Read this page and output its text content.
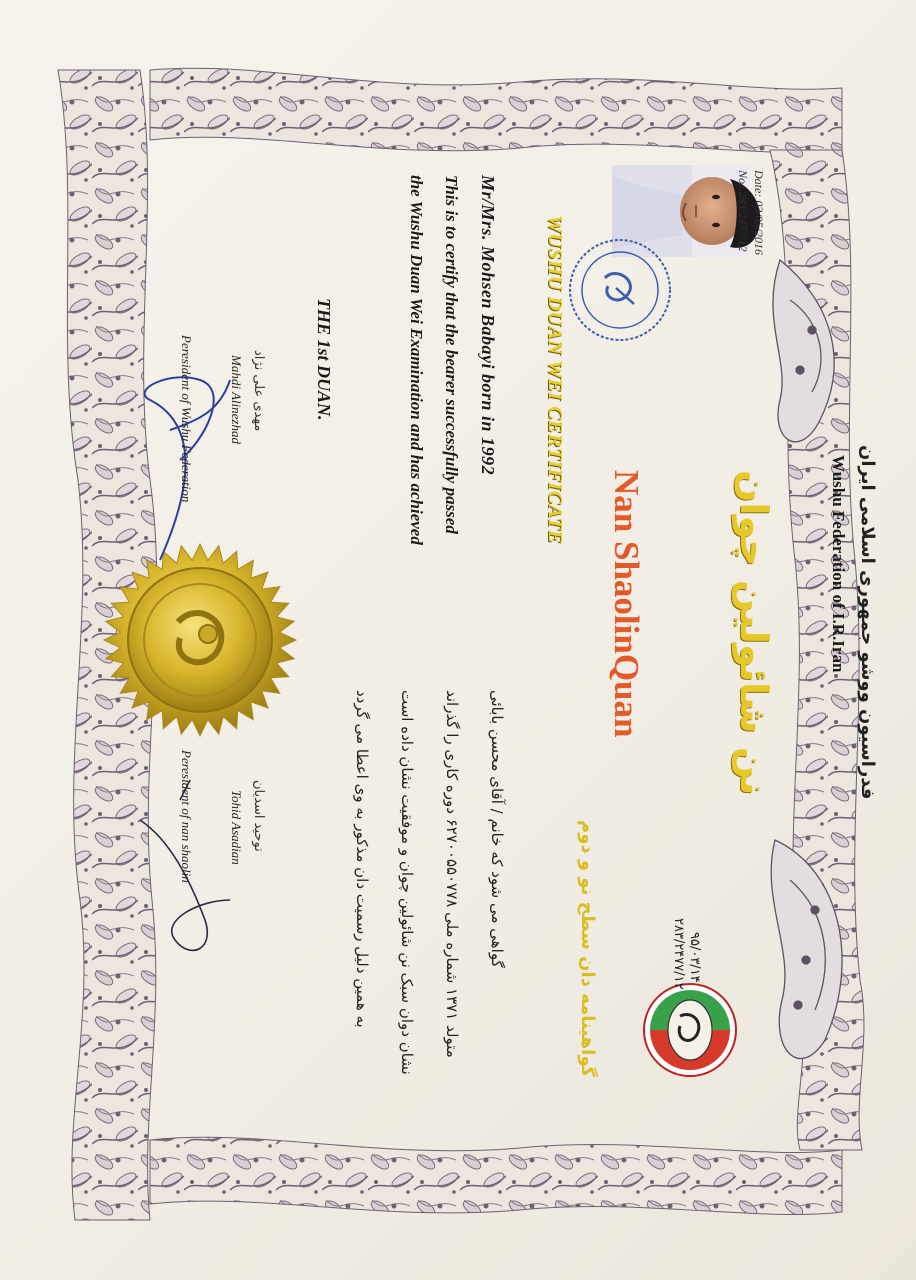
فدراسیون ووشو جمهوری اسلامی ایران
Wushu Federation of I.R.Iran
نن شائولین چوان
Nan ShaolinQuan
WUSHU DUAN WEI CERTIFICATE
گواهینامه دان سطح نو و دوم
Date: 03/05/2016
No: 283/2477/12
Mr/Mrs. Mohsen Babayi born in 1992
This is to certify that the bearer successfully passed
the Wushu Duan Wei Examination and has achieved
THE 1st DUAN.
گواهی می شود که خانم / آقای محسن بابائی
متولد ۱۳۷۱ شماره ملی ۶۲۷۰۰۵۵۰۷۷۸ دوره کاری را گذراند
نشان دوان سبک نن شائولین چوان و موفقیت نشان داده است
به همین دلیل رسمیت دان مذکور به وی اعطا می گردد
مهدی علی نژاد
Mahdi Alinezhad
Peresident of Wushu Federation
توحید اسدیان
Tohid Asadian
Peresident of nan shaolin
۹۵/۰۳/۱۴
۲۸۳/۲۴۷۷/۱۲
